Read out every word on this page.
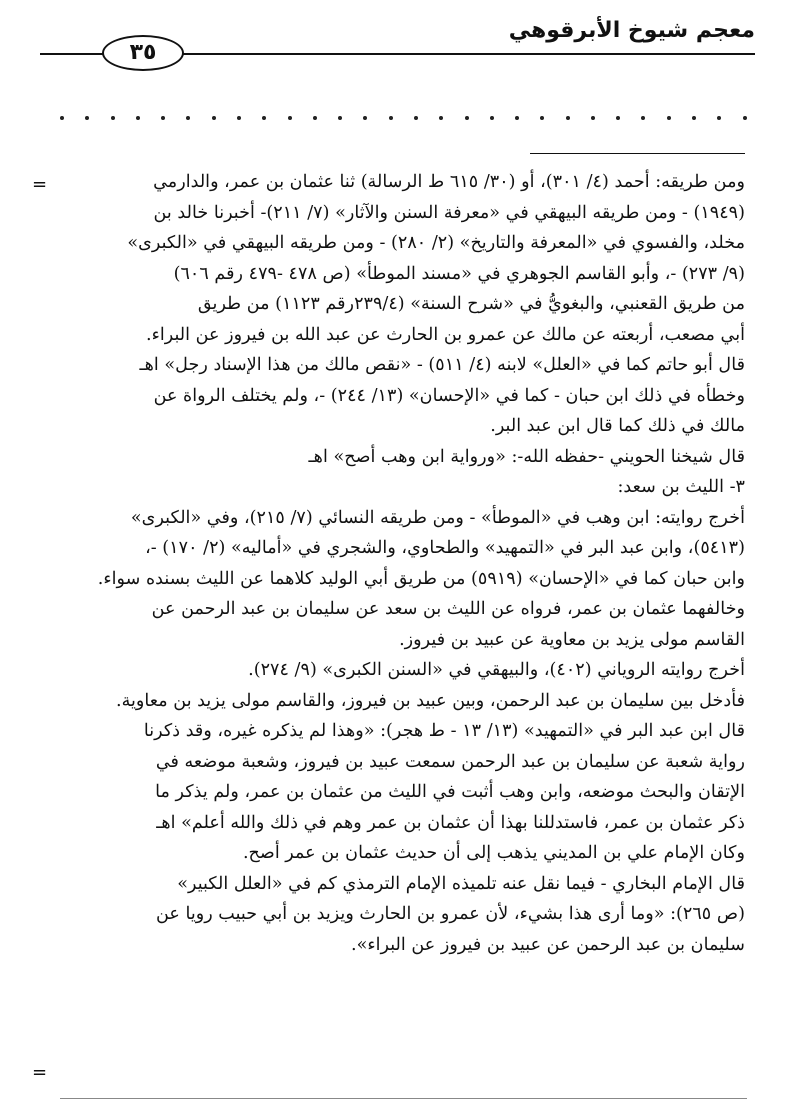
معجم شيوخ الأبرقوهي
٣٥
=	ومن طريقه: أحمد (٤/ ٣٠١)، أو (٣٠/ ٦١٥ ط الرسالة) ثنا عثمان بن عمر، والدارمي
(١٩٤٩) - ومن طريقه البيهقي في «معرفة السنن والآثار» (٧/ ٢١١)- أخبرنا خالد بن
مخلد، والفسوي في «المعرفة والتاريخ» (٢/ ٢٨٠) - ومن طريقه البيهقي في «الكبرى»
(٩/ ٢٧٣) -، وأبو القاسم الجوهري في «مسند الموطأ» (ص ٤٧٨ -٤٧٩ رقم ٦٠٦)
من طريق القعنبي، والبغويُّ في «شرح السنة» (٢٣٩/٤رقم ١١٢٣) من طريق
أبي مصعب، أربعته عن مالك عن عمرو بن الحارث عن عبد الله بن فيروز عن البراء.
قال أبو حاتم كما في «العلل» لابنه (٤/ ٥١١) - «نقص مالك من هذا الإسناد رجل» اهـ
وخطأه في ذلك ابن حبان - كما في «الإحسان» (١٣/ ٢٤٤) -، ولم يختلف الرواة عن
مالك في ذلك كما قال ابن عبد البر.
قال شيخنا الحويني -حفظه الله-: «ورواية ابن وهب أصح» اهـ
٣- الليث بن سعد:
أخرج روايته: ابن وهب في «الموطأ» - ومن طريقه النسائي (٧/ ٢١٥)، وفي «الكبرى»
(٥٤١٣)، وابن عبد البر في «التمهيد» والطحاوي، والشجري في «أماليه» (٢/ ١٧٠) -،
وابن حبان كما في «الإحسان» (٥٩١٩) من طريق أبي الوليد كلاهما عن الليث بسنده سواء.
وخالفهما عثمان بن عمر، فرواه عن الليث بن سعد عن سليمان بن عبد الرحمن عن
القاسم مولى يزيد بن معاوية عن عبيد بن فيروز.
أخرج روايته الروياني (٤٠٢)، والبيهقي في «السنن الكبرى» (٩/ ٢٧٤).
فأدخل بين سليمان بن عبد الرحمن، وبين عبيد بن فيروز، والقاسم مولى يزيد بن معاوية.
قال ابن عبد البر في «التمهيد» (١٣/ ١٣ - ط هجر): «وهذا لم يذكره غيره، وقد ذكرنا
رواية شعبة عن سليمان بن عبد الرحمن سمعت عبيد بن فيروز، وشعبة موضعه في
الإتقان والبحث موضعه، وابن وهب أثبت في الليث من عثمان بن عمر، ولم يذكر ما
ذكر عثمان بن عمر، فاستدللنا بهذا أن عثمان بن عمر وهم في ذلك والله أعلم» اهـ
وكان الإمام علي بن المديني يذهب إلى أن حديث عثمان بن عمر أصح.
قال الإمام البخاري - فيما نقل عنه تلميذه الإمام الترمذي كم في «العلل الكبير»
(ص ٢٦٥): «وما أرى هذا بشيء، لأن عمرو بن الحارث ويزيد بن أبي حبيب رويا عن
سليمان بن عبد الرحمن عن عبيد بن فيروز عن البراء».
=
